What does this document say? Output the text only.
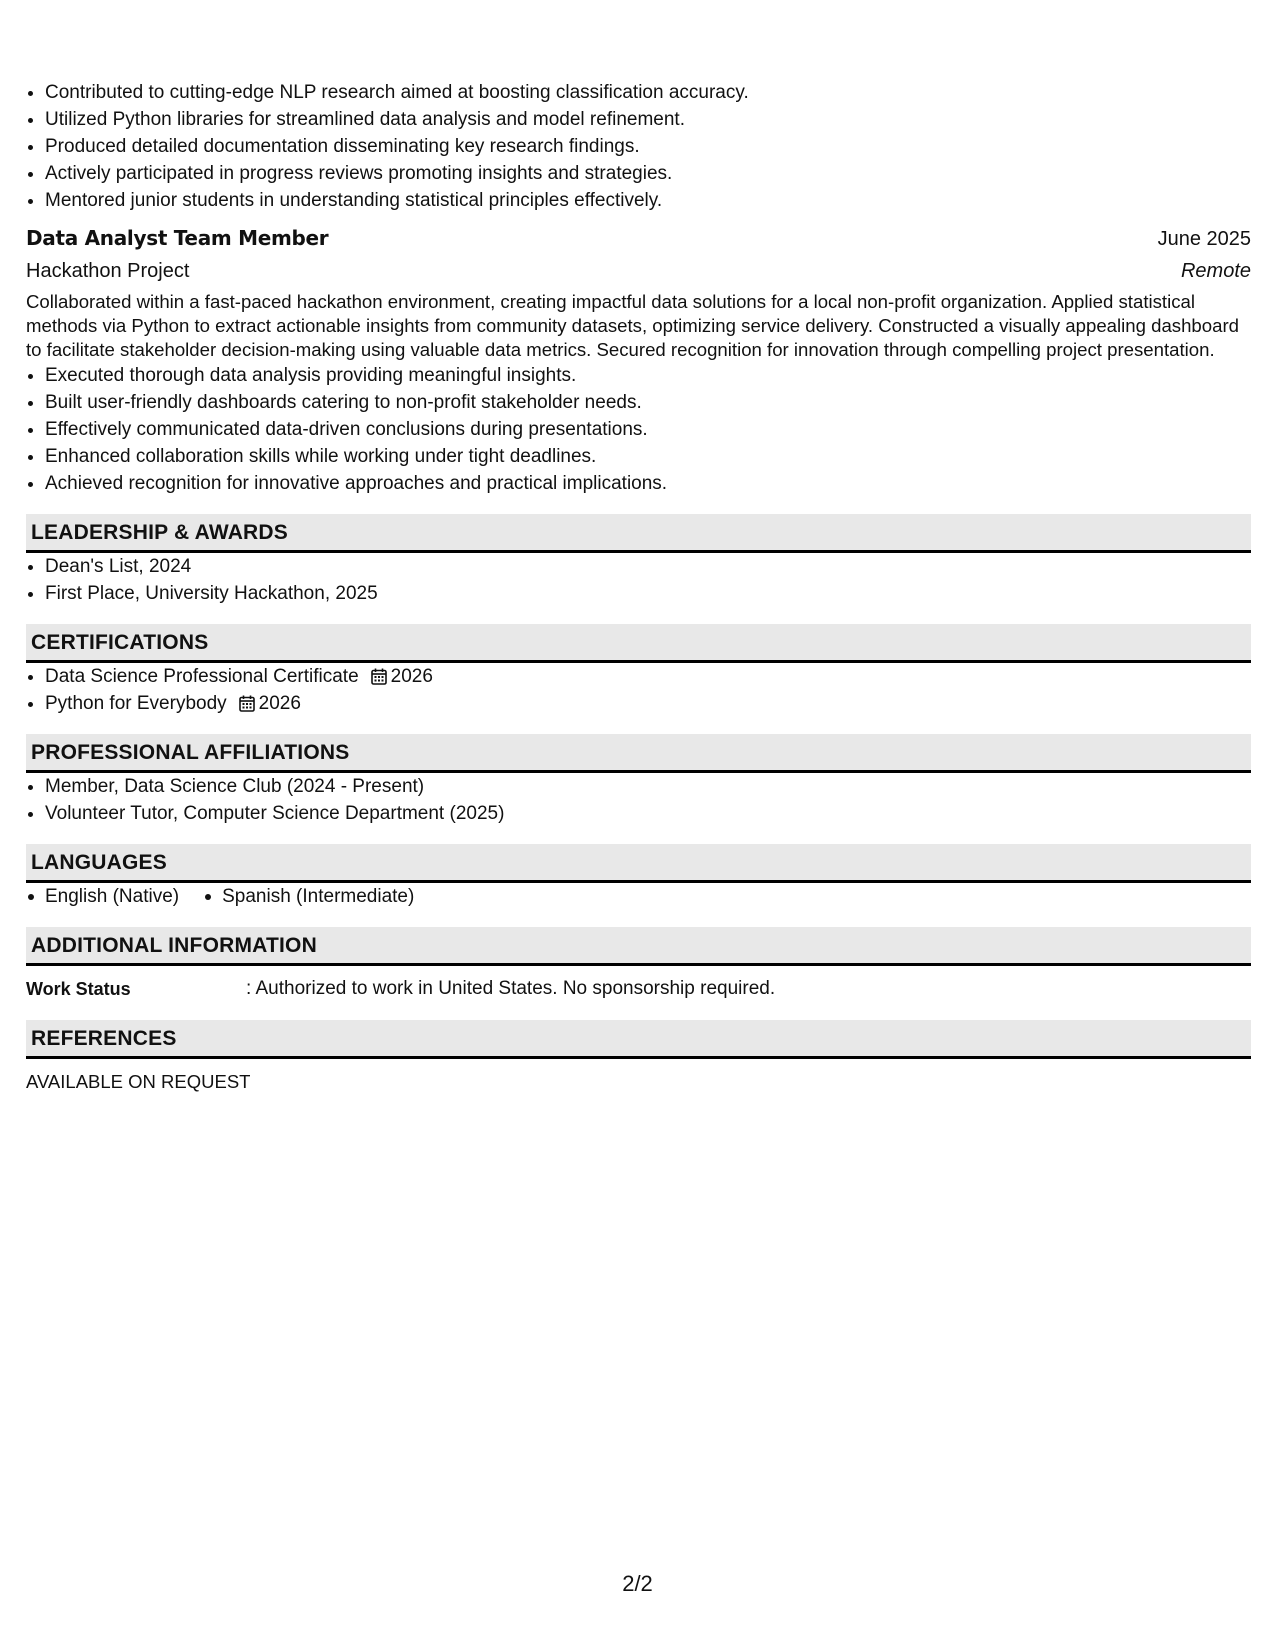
• Contributed to cutting-edge NLP research aimed at boosting classification accuracy.
• Utilized Python libraries for streamlined data analysis and model refinement.
• Produced detailed documentation disseminating key research findings.
• Actively participated in progress reviews promoting insights and strategies.
• Mentored junior students in understanding statistical principles effectively.
Data Analyst Team Member	June 2025
Hackathon Project	Remote

Collaborated within a fast-paced hackathon environment, creating impactful data solutions for a local non-profit organization. Applied statistical methods via Python to extract actionable insights from community datasets, optimizing service delivery. Constructed a visually appealing dashboard to facilitate stakeholder decision-making using valuable data metrics. Secured recognition for innovation through compelling project presentation.

• Executed thorough data analysis providing meaningful insights.
• Built user-friendly dashboards catering to non-profit stakeholder needs.
• Effectively communicated data-driven conclusions during presentations.
• Enhanced collaboration skills while working under tight deadlines.
• Achieved recognition for innovative approaches and practical implications.
LEADERSHIP & AWARDS
• Dean's List, 2024
• First Place, University Hackathon, 2025
CERTIFICATIONS
• Data Science Professional Certificate 2026
• Python for Everybody 2026
PROFESSIONAL AFFILIATIONS
• Member, Data Science Club (2024 - Present)
• Volunteer Tutor, Computer Science Department (2025)
LANGUAGES
English (Native)	Spanish (Intermediate)
ADDITIONAL INFORMATION
Work Status	: Authorized to work in United States. No sponsorship required.
REFERENCES
AVAILABLE ON REQUEST
2/2
